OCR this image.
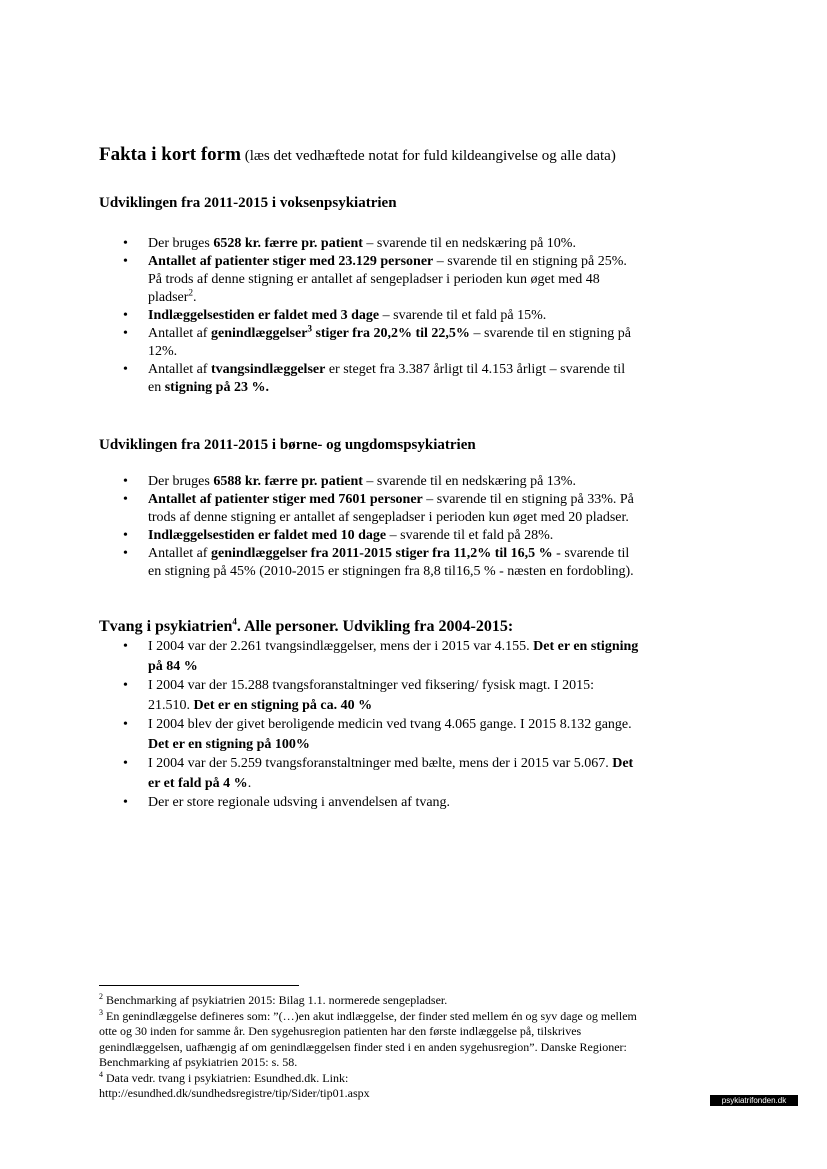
Fakta i kort form (læs det vedhæftede notat for fuld kildeangivelse og alle data)

Udviklingen fra 2011-2015 i voksenpsykiatrien
• Der bruges 6528 kr. færre pr. patient – svarende til en nedskæring på 10%.
• Antallet af patienter stiger med 23.129 personer – svarende til en stigning på 25%. På trods af denne stigning er antallet af sengepladser i perioden kun øget med 48 pladser$^2$.
• Indlæggelsestiden er faldet med 3 dage – svarende til et fald på 15%.
• Antallet af genindlæggelser$^3$ stiger fra 20,2% til 22,5% – svarende til en stigning på 12%.
• Antallet af tvangsindlæggelser er steget fra 3.387 årligt til 4.153 årligt – svarende til en stigning på 23 %.
Udviklingen fra 2011-2015 i børne- og ungdomspsykiatrien
• Der bruges 6588 kr. færre pr. patient – svarende til en nedskæring på 13%.
• Antallet af patienter stiger med 7601 personer – svarende til en stigning på 33%. På trods af denne stigning er antallet af sengepladser i perioden kun øget med 20 pladser.
• Indlæggelsestiden er faldet med 10 dage – svarende til et fald på 28%.
• Antallet af genindlæggelser fra 2011-2015 stiger fra 11,2% til 16,5 % - svarende til en stigning på 45% (2010-2015 er stigningen fra 8,8 til16,5 % - næsten en fordobling).
Tvang i psykiatrien$^4$. Alle personer. Udvikling fra 2004-2015:
• I 2004 var der 2.261 tvangsindlæggelser, mens der i 2015 var 4.155. Det er en stigning på 84 %
• I 2004 var der 15.288 tvangsforanstaltninger ved fiksering/ fysisk magt. I 2015: 21.510. Det er en stigning på ca. 40 %
• I 2004 blev der givet beroligende medicin ved tvang 4.065 gange. I 2015 8.132 gange. Det er en stigning på 100%
• I 2004 var der 5.259 tvangsforanstaltninger med bælte, mens der i 2015 var 5.067. Det er et fald på 4 %.
• Der er store regionale udsving i anvendelsen af tvang.

$^2$ Benchmarking af psykiatrien 2015: Bilag 1.1. normerede sengepladser.

$^3$ En genindlæggelse defineres som: ”(…)en akut indlæggelse, der finder sted mellem én og syv dage og mellem otte og 30 inden for samme år. Den sygehusregion patienten har den første indlæggelse på, tilskrives genindlæggelsen, uafhængig af om genindlæggelsen finder sted i en anden sygehusregion”. Danske Regioner: Benchmarking af psykiatrien 2015: s. 58.

$^4$ Data vedr. tvang i psykiatrien: Esundhed.dk. Link:

http://esundhed.dk/sundhedsregistre/tip/Sider/tip01.aspx

psykiatrifonden.dk
